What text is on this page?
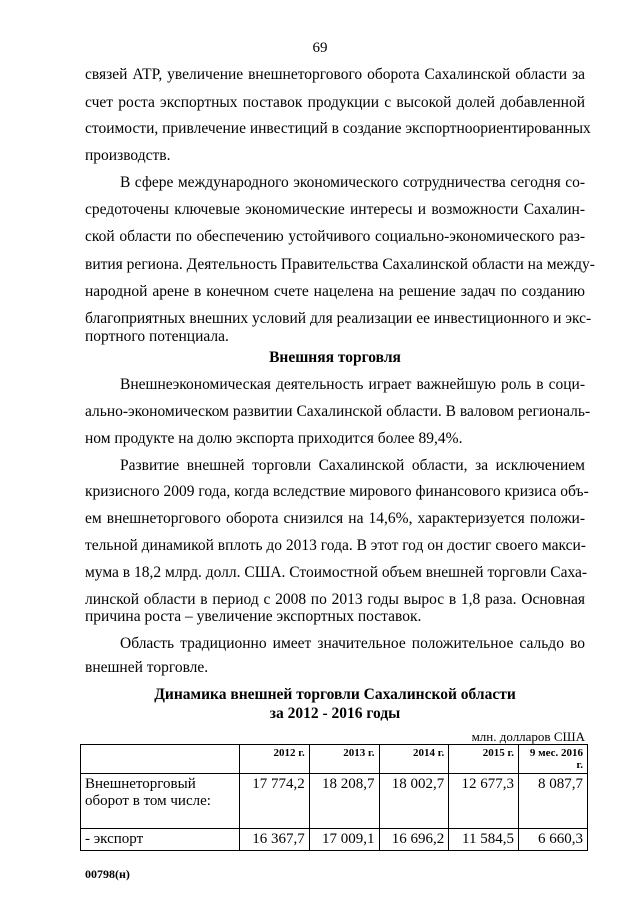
69
связей АТР, увеличение внешнеторгового оборота Сахалинской области за
счет роста экспортных поставок продукции с высокой долей добавленной
стоимости, привлечение инвестиций в создание экспортноориентированных
производств.
В сфере международного экономического сотрудничества сегодня со-
средоточены ключевые экономические интересы и возможности Сахалин-
ской области по обеспечению устойчивого социально-экономического раз-
вития региона. Деятельность Правительства Сахалинской области на между-
народной арене в конечном счете нацелена на решение задач по созданию
благоприятных внешних условий для реализации ее инвестиционного и экс-
портного потенциала.
Внешняя торговля
Внешнеэкономическая деятельность играет важнейшую роль в соци-
ально-экономическом развитии Сахалинской области. В валовом региональ-
ном продукте на долю экспорта приходится более 89,4%.
Развитие внешней торговли Сахалинской области, за исключением
кризисного 2009 года, когда вследствие мирового финансового кризиса объ-
ем внешнеторгового оборота снизился на 14,6%, характеризуется положи-
тельной динамикой вплоть до 2013 года. В этот год он достиг своего макси-
мума в 18,2 млрд. долл. США. Стоимостной объем внешней торговли Саха-
линской области в период с 2008 по 2013 годы вырос в 1,8 раза. Основная
причина роста – увеличение экспортных поставок.
Область традиционно имеет значительное положительное сальдо во
внешней торговле.
Динамика внешней торговли Сахалинской области
за 2012 - 2016 годы
млн. долларов США
	2012 г.	2013 г.	2014 г.	2015 г.	9 мес. 2016 г.
Внешнеторговый оборот в том числе:	17 774,2	18 208,7	18 002,7	12 677,3	8 087,7
- экспорт	16 367,7	17 009,1	16 696,2	11 584,5	6 660,3
00798(н)
